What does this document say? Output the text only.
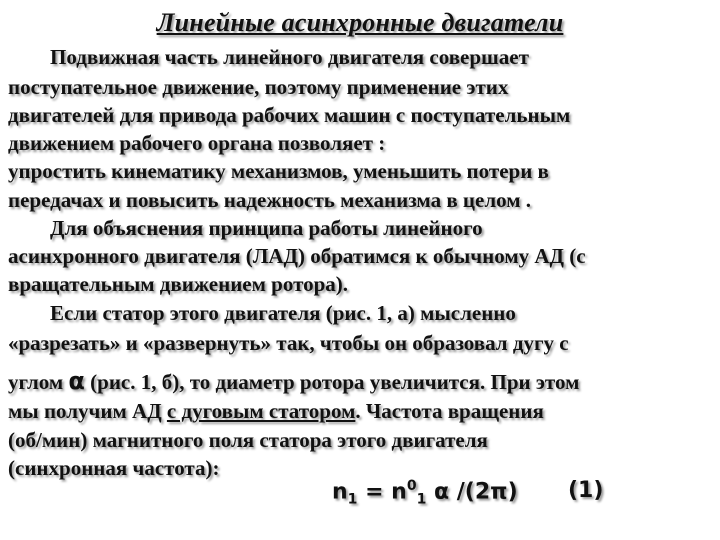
Линейные асинхронные двигатели
Подвижная часть линейного двигателя совершает
поступательное движение, поэтому применение этих
двигателей для привода рабочих машин с поступательным
движением рабочего органа позволяет :
упростить кинематику механизмов, уменьшить потери в
передачах и повысить надежность механизма в целом .
Для объяснения принципа работы линейного
асинхронного двигателя (ЛАД) обратимся к обычному АД (с
вращательным движением ротора).
Если статор этого двигателя (рис. 1, а) мысленно
«разрезать» и «развернуть» так, чтобы он образовал дугу с
углом α (рис. 1, б), то диаметр ротора увеличится. При этом
мы получим АД с дуговым статором. Частота вращения
(об/мин) магнитного поля статора этого двигателя
(синхронная частота):
$n_1 = n^0_1$ α /(2π) (1)
